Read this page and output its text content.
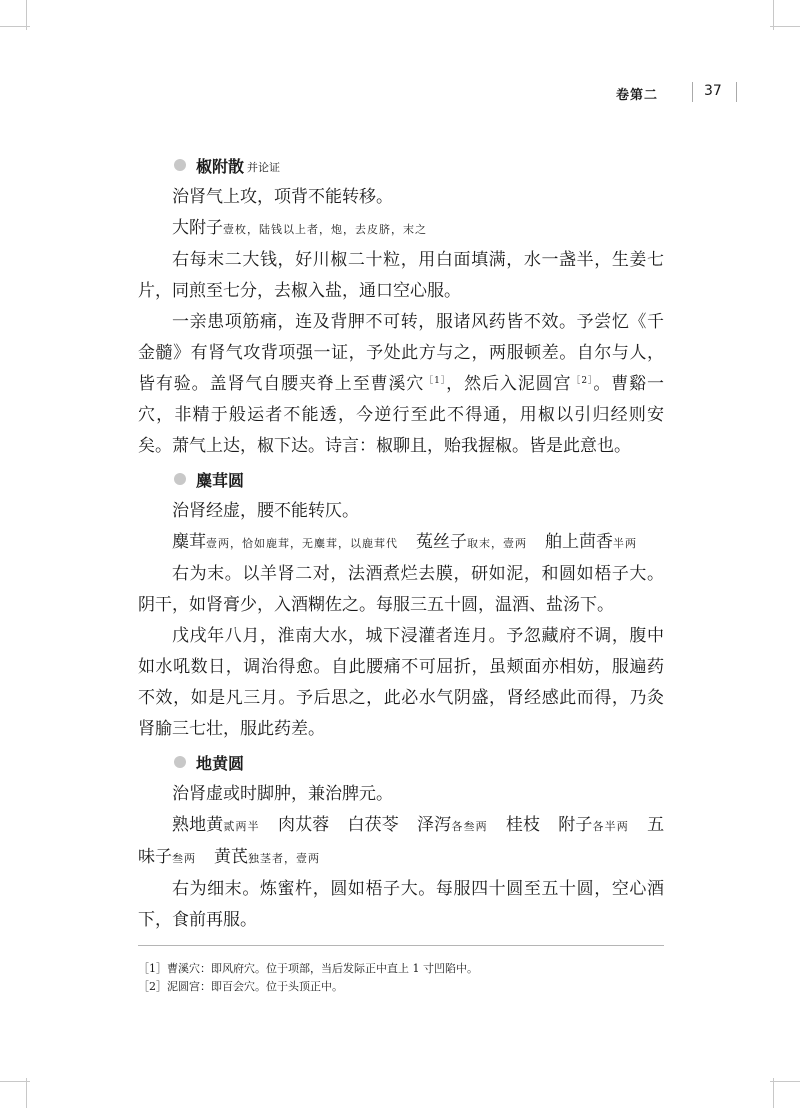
卷第二	37
椒附散 并论证

治肾气上攻，项背不能转移。

大附子壹枚，陆钱以上者，炮，去皮脐，末之

右每末二大钱，好川椒二十粒，用白面填满，水一盏半，生姜七片，同煎至七分，去椒入盐，通口空心服。

一亲患项筋痛，连及背胛不可转，服诸风药皆不效。予尝忆《千金髓》有肾气攻背项强一证，予处此方与之，两服顿差。自尔与人，皆有验。盖肾气自腰夹脊上至曹溪穴$^{[1]}$，然后入泥圆宫$^{[2]}$。曹谿一穴，非精于般运者不能透，今逆行至此不得通，用椒以引归经则安矣。萧气上达，椒下达。诗言：椒聊且，贻我握椒。皆是此意也。

麋茸圆

治肾经虚，腰不能转仄。

麋茸壹两，恰如鹿茸，无麋茸，以鹿茸代 菟丝子取末，壹两 舶上茴香半两

右为末。以羊肾二对，法酒煮烂去膜，研如泥，和圆如梧子大。阴干，如肾膏少，入酒糊佐之。每服三五十圆，温酒、盐汤下。

戊戌年八月，淮南大水，城下浸灌者连月。予忽藏府不调，腹中如水吼数日，调治得愈。自此腰痛不可屈折，虽颊面亦相妨，服遍药不效，如是凡三月。予后思之，此必水气阴盛，肾经感此而得，乃灸肾腧三七壮，服此药差。

地黄圆

治肾虚或时脚肿，兼治脾元。

熟地黄贰两半 肉苁蓉 白茯苓 泽泻各叁两 桂枝 附子各半两 五味子叁两 黄芪独茎者，壹两

右为细末。炼蜜杵，圆如梧子大。每服四十圆至五十圆，空心酒下，食前再服。

［1］曹溪穴：即风府穴。位于项部，当后发际正中直上 1 寸凹陷中。
［2］泥圆宫：即百会穴。位于头顶正中。
